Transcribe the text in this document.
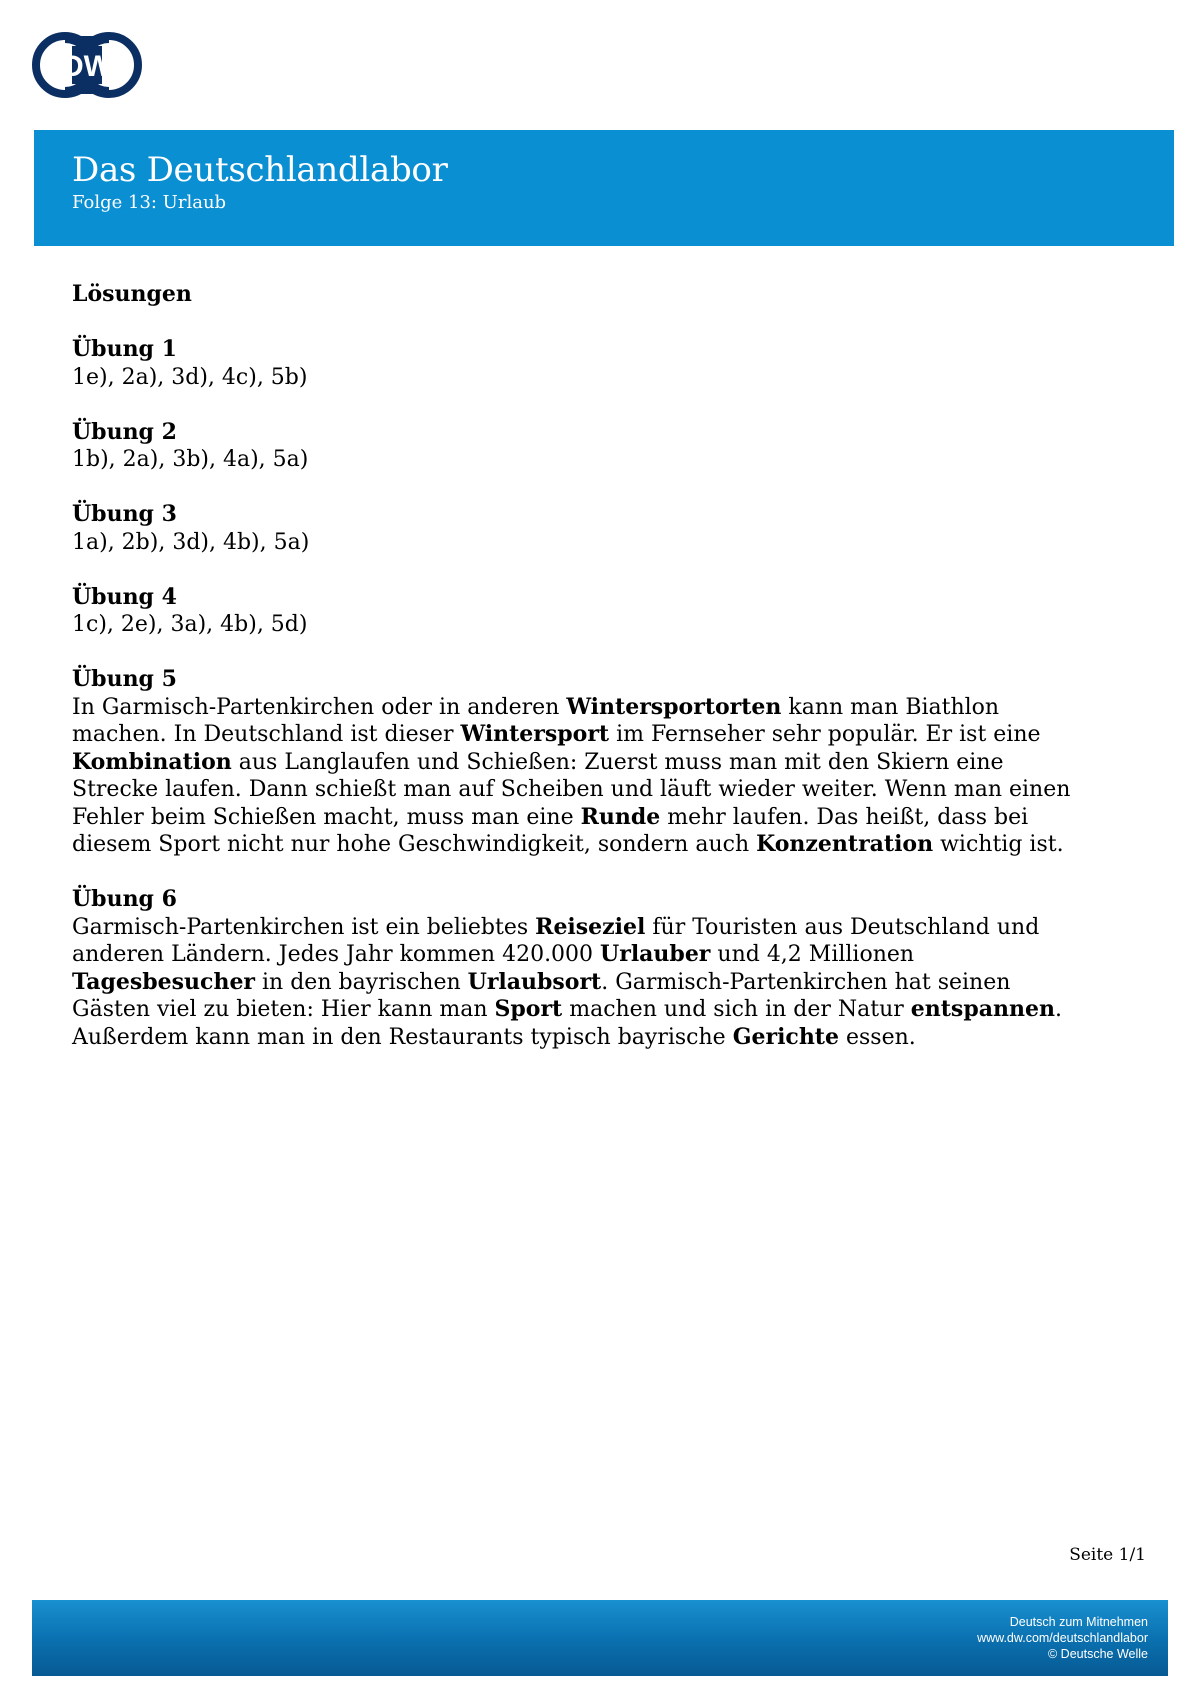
DW
Das Deutschlandlabor
Folge 13: Urlaub

Lösungen

Übung 1

1e), 2a), 3d), 4c), 5b)

Übung 2

1b), 2a), 3b), 4a), 5a)

Übung 3

1a), 2b), 3d), 4b), 5a)

Übung 4

1c), 2e), 3a), 4b), 5d)

Übung 5

In Garmisch-Partenkirchen oder in anderen Wintersportorten kann man Biathlon machen. In Deutschland ist dieser Wintersport im Fernseher sehr populär. Er ist eine Kombination aus Langlaufen und Schießen: Zuerst muss man mit den Skiern eine Strecke laufen. Dann schießt man auf Scheiben und läuft wieder weiter. Wenn man einen Fehler beim Schießen macht, muss man eine Runde mehr laufen. Das heißt, dass bei diesem Sport nicht nur hohe Geschwindigkeit, sondern auch Konzentration wichtig ist.

Übung 6

Garmisch-Partenkirchen ist ein beliebtes Reiseziel für Touristen aus Deutschland und anderen Ländern. Jedes Jahr kommen 420.000 Urlauber und 4,2 Millionen Tagesbesucher in den bayrischen Urlaubsort. Garmisch-Partenkirchen hat seinen Gästen viel zu bieten: Hier kann man Sport machen und sich in der Natur entspannen. Außerdem kann man in den Restaurants typisch bayrische Gerichte essen.

Seite 1/1
Deutsch zum Mitnehmen
www.dw.com/deutschlandlabor
© Deutsche Welle
